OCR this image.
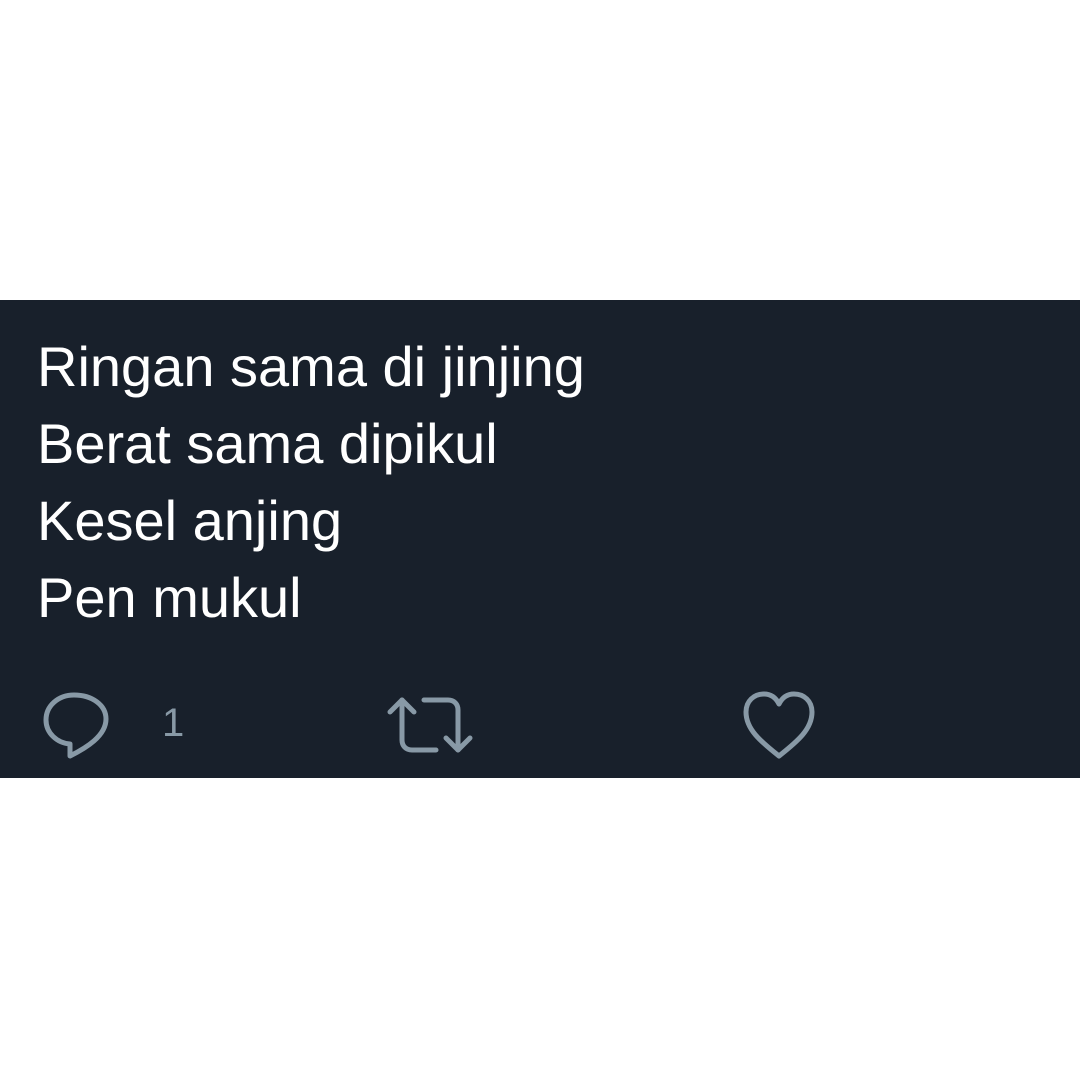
Ringan sama di jinjing
Berat sama dipikul
Kesel anjing
Pen mukul
1
